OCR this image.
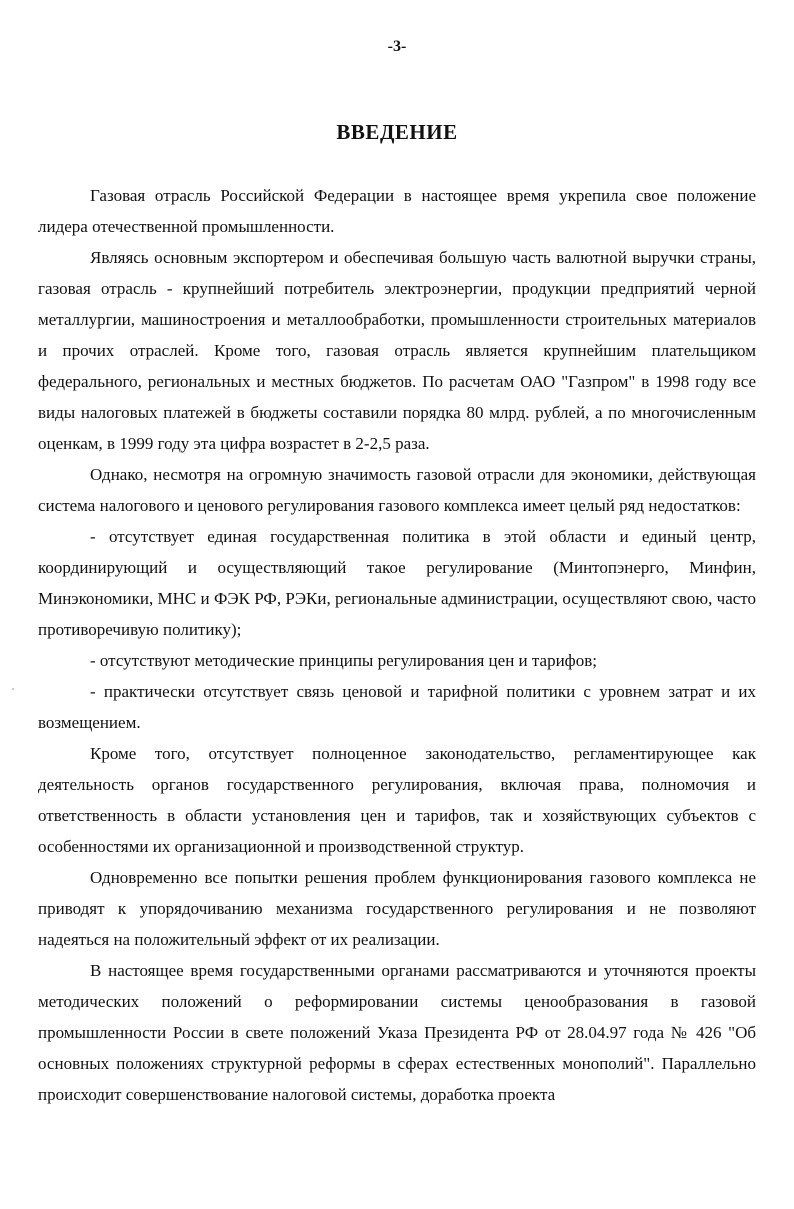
-3-
ВВЕДЕНИЕ

Газовая отрасль Российской Федерации в настоящее время укрепила свое положение лидера отечественной промышленности.

Являясь основным экспортером и обеспечивая большую часть валютной выручки страны, газовая отрасль - крупнейший потребитель электроэнергии, продукции предприятий черной металлургии, машиностроения и металлообработки, промышленности строительных материалов и прочих отраслей. Кроме того, газовая отрасль является крупнейшим плательщиком федерального, региональных и местных бюджетов. По расчетам ОАО "Газпром" в 1998 году все виды налоговых платежей в бюджеты составили порядка 80 млрд. рублей, а по многочисленным оценкам, в 1999 году эта цифра возрастет в 2-2,5 раза.

Однако, несмотря на огромную значимость газовой отрасли для экономики, действующая система налогового и ценового регулирования газового комплекса имеет целый ряд недостатков:

- отсутствует единая государственная политика в этой области и единый центр, координирующий и осуществляющий такое регулирование (Минтопэнерго, Минфин, Минэкономики, МНС и ФЭК РФ, РЭКи, региональные администрации, осуществляют свою, часто противоречивую политику);

- отсутствуют методические принципы регулирования цен и тарифов;

- практически отсутствует связь ценовой и тарифной политики с уровнем затрат и их возмещением.

Кроме того, отсутствует полноценное законодательство, регламентирующее как деятельность органов государственного регулирования, включая права, полномочия и ответственность в области установления цен и тарифов, так и хозяйствующих субъектов с особенностями их организационной и производственной структур.

Одновременно все попытки решения проблем функционирования газового комплекса не приводят к упорядочиванию механизма государственного регулирования и не позволяют надеяться на положительный эффект от их реализации.

В настоящее время государственными органами рассматриваются и уточняются проекты методических положений о реформировании системы ценообразования в газовой промышленности России в свете положений Указа Президента РФ от 28.04.97 года № 426 "Об основных положениях структурной реформы в сферах естественных монополий". Параллельно происходит совершенствование налоговой системы, доработка проекта
